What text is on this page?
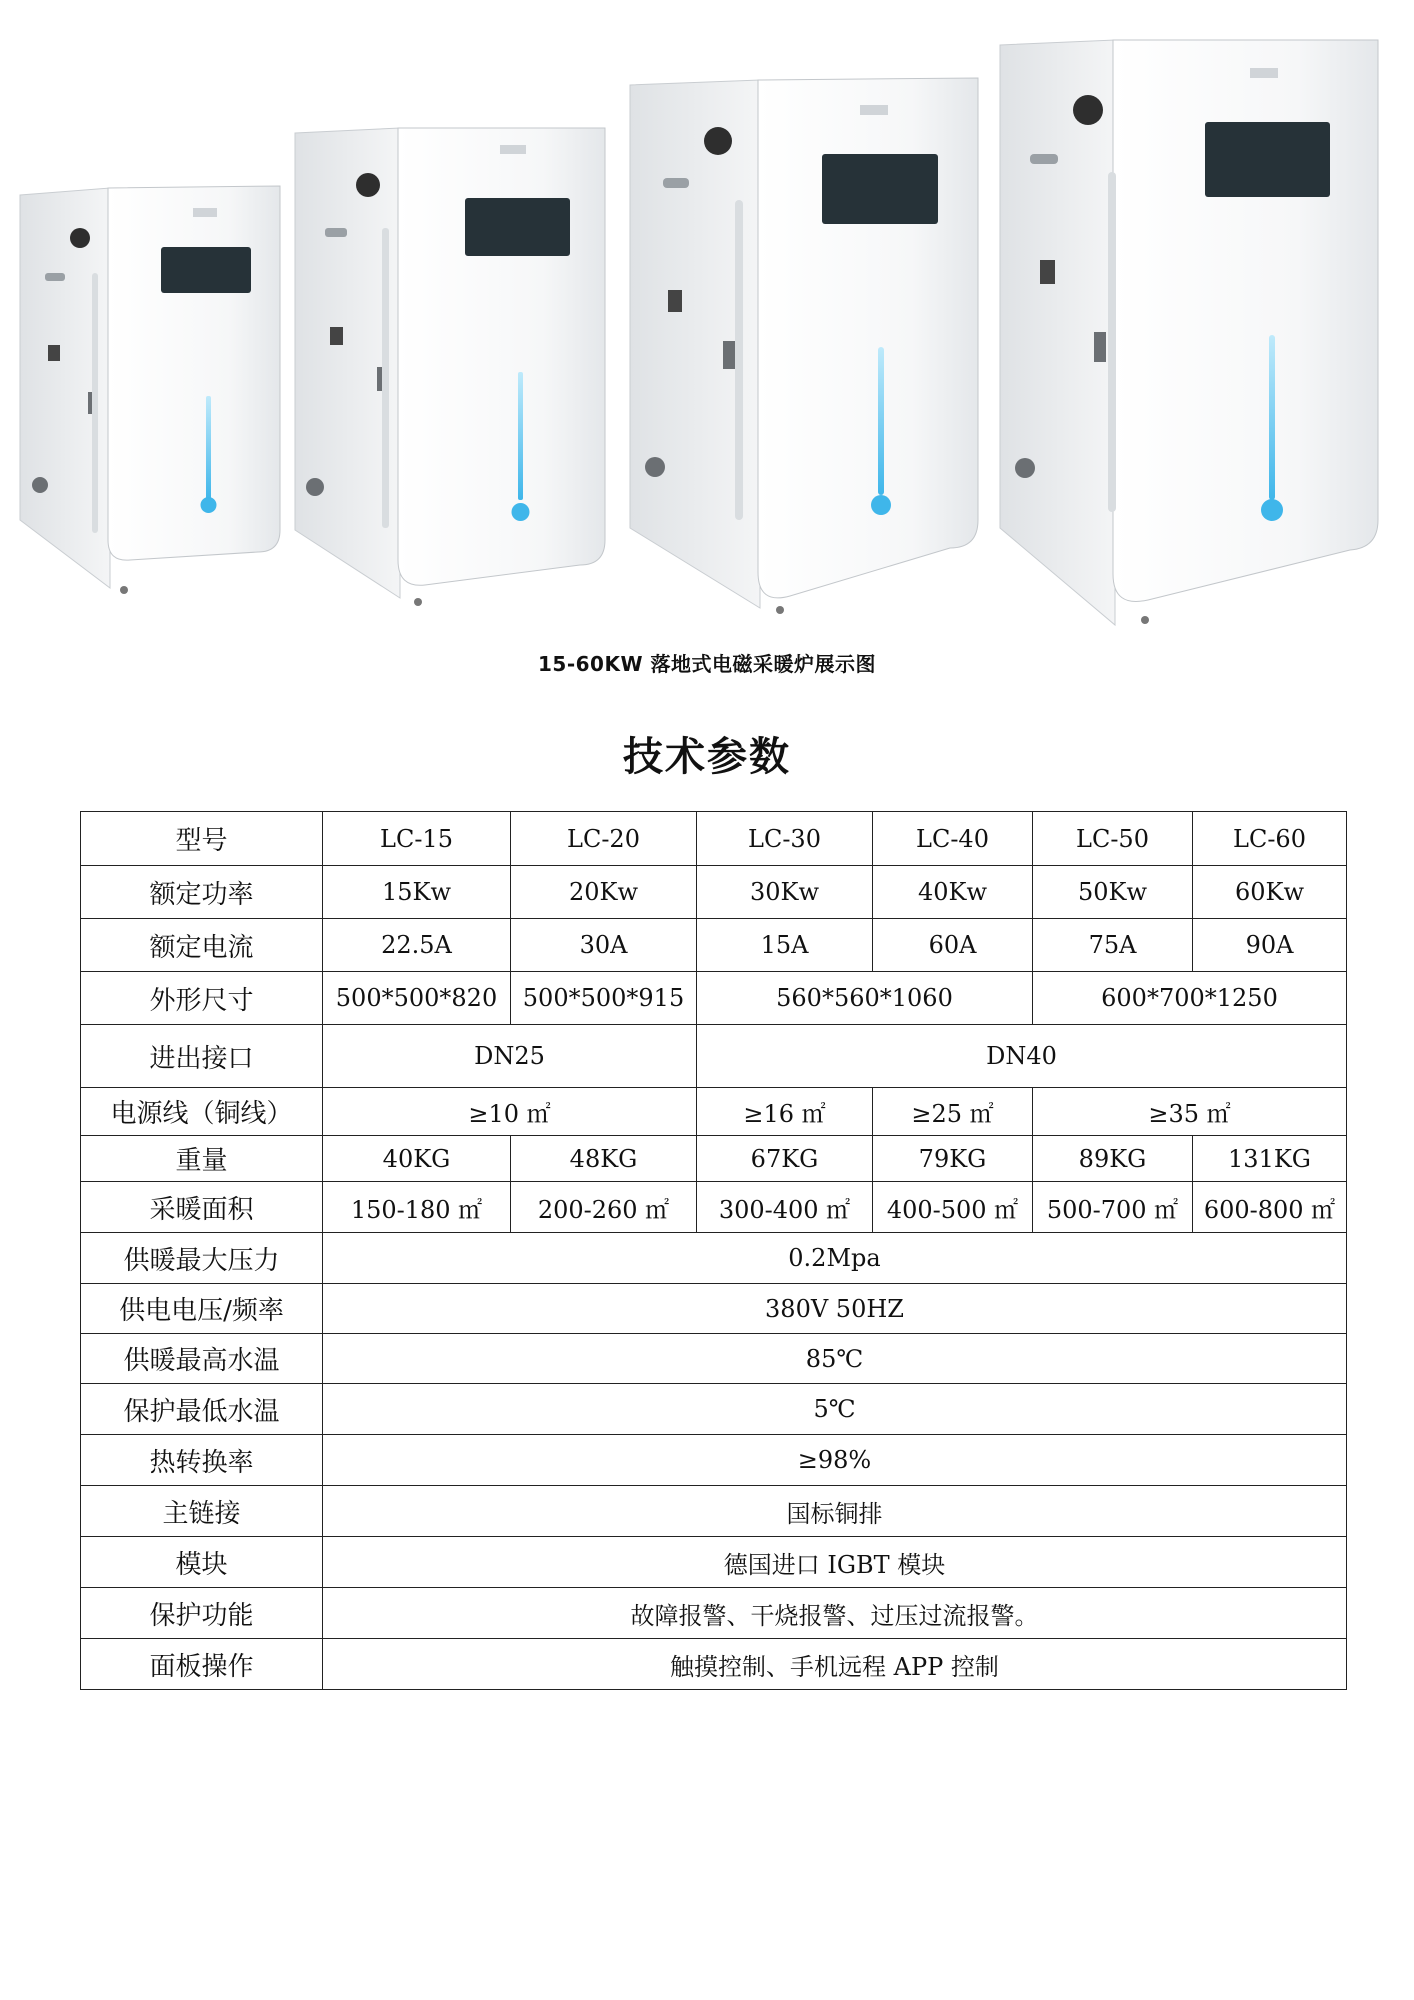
15-60KW 落地式电磁采暖炉展示图
技术参数
型号	LC-15	LC-20	LC-30	LC-40	LC-50	LC-60
额定功率	15Kw	20Kw	30Kw	40Kw	50Kw	60Kw
额定电流	22.5A	30A	15A	60A	75A	90A
外形尺寸	500*500*820	500*500*915	560*560*1060		600*700*1250	
进出接口	DN25		DN40			
电源线（铜线）	≥10 ㎡		≥16 ㎡	≥25 ㎡	≥35 ㎡	
重量	40KG	48KG	67KG	79KG	89KG	131KG
采暖面积	150-180 ㎡	200-260 ㎡	300-400 ㎡	400-500 ㎡	500-700 ㎡	600-800 ㎡
供暖最大压力	0.2Mpa					
供电电压/频率	380V 50HZ					
供暖最高水温	85℃					
保护最低水温	5℃					
热转换率	≥98%					
主链接	国标铜排					
模块	德国进口 IGBT 模块					
保护功能	故障报警、干烧报警、过压过流报警。					
面板操作	触摸控制、手机远程 APP 控制					
